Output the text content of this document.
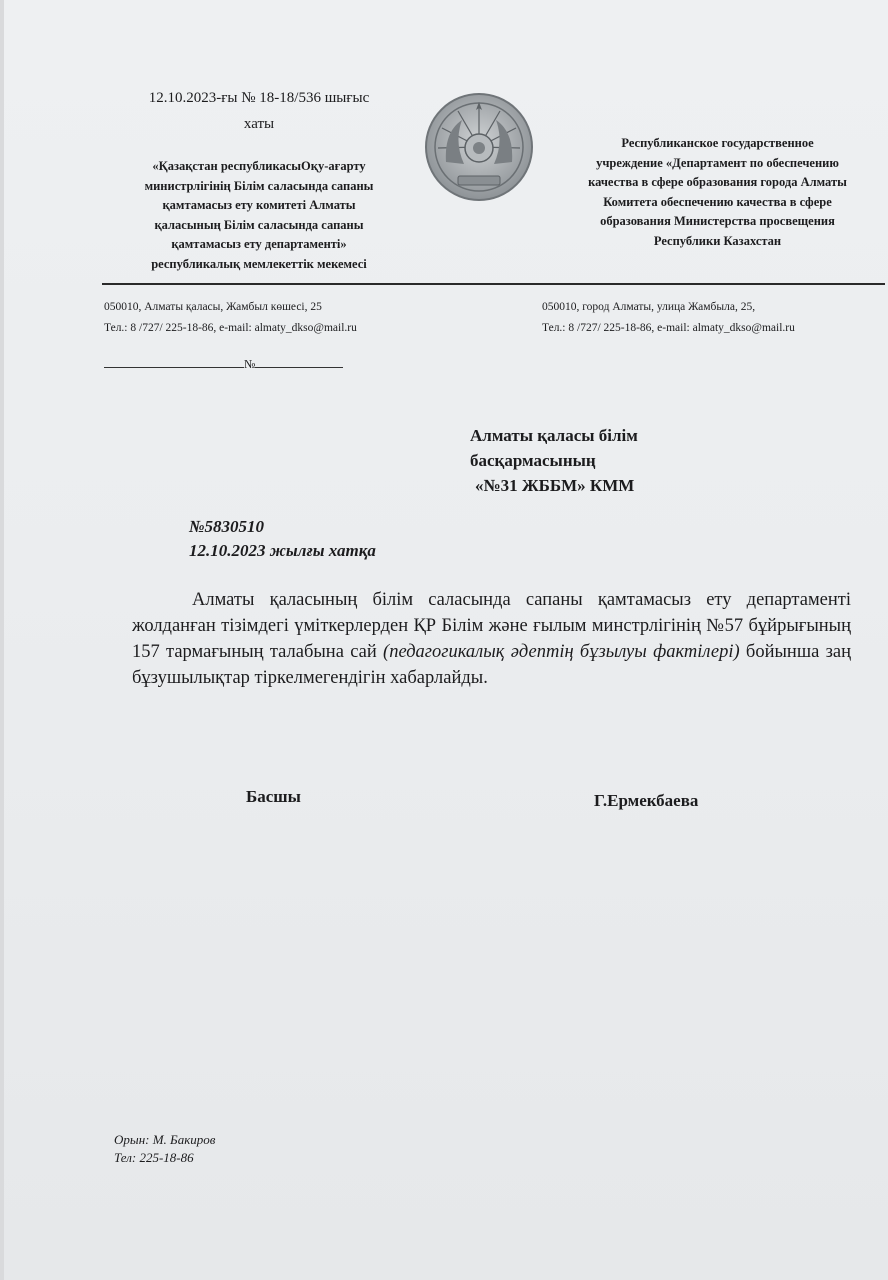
12.10.2023-ғы № 18-18/536 шығыс
хаты
«Қазақстан республикасыОқу-ағарту
министрлігінің Білім саласында сапаны
қамтамасыз ету комитеті Алматы
қаласының Білім саласында сапаны
қамтамасыз ету департаменті»
республикалық мемлекеттік мекемесі
Республиканское государственное
учреждение «Департамент по обеспечению
качества в сфере образования города Алматы
Комитета обеспечению качества в сфере
образования Министерства просвещения
Республики Казахстан
050010, Алматы қаласы, Жамбыл көшесі, 25
Тел.: 8 /727/ 225-18-86, e-mail: almaty_dkso@mail.ru
050010, город Алматы, улица Жамбыла, 25,
Тел.: 8 /727/ 225-18-86, e-mail: almaty_dkso@mail.ru
№
Алматы қаласы білім
басқармасының
«№31 ЖББМ» КММ
№5830510
12.10.2023 жылғы хатқа
Алматы қаласының білім саласында сапаны қамтамасыз ету департаменті жолданған тізімдегі үміткерлерден ҚР Білім және ғылым минстрлігінің №57 бұйрығының 157 тармағының талабына сай (педагогикалық әдептің бұзылуы фактілері) бойынша заң бұзушылықтар тіркелмегендігін хабарлайды.
Басшы	Г.Ермекбаева
Орын: М. Бакиров
Тел: 225-18-86
